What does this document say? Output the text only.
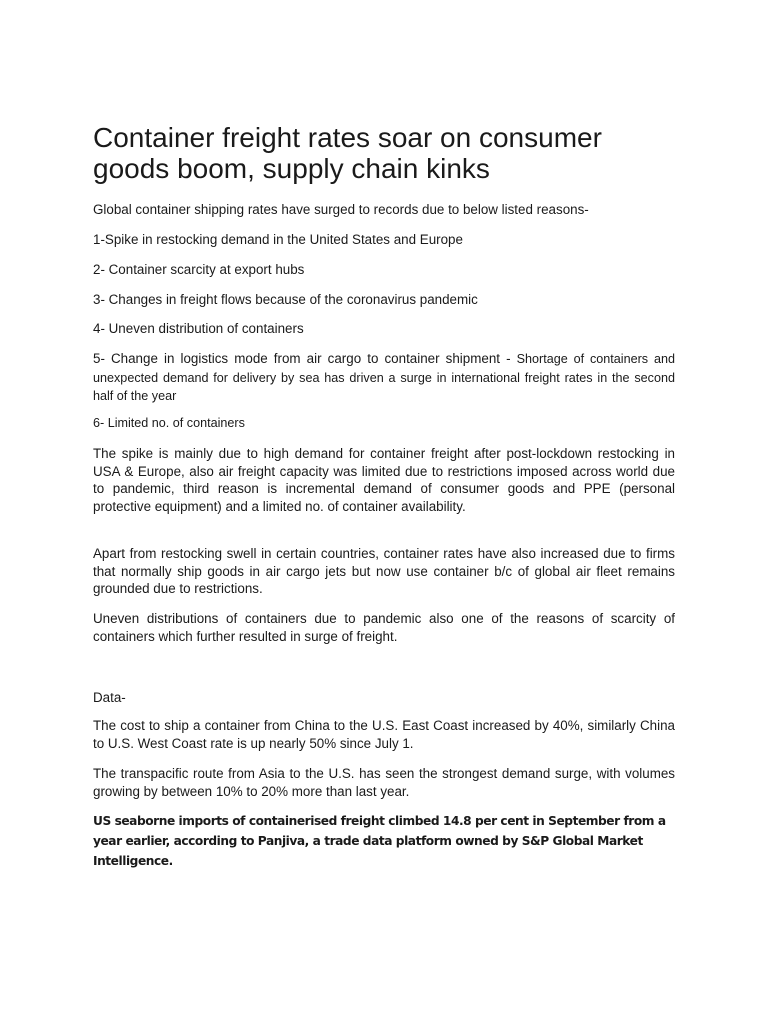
Container freight rates soar on consumer goods boom, supply chain kinks

Global container shipping rates have surged to records due to below listed reasons-

1-Spike in restocking demand in the United States and Europe

2- Container scarcity at export hubs

3- Changes in freight flows because of the coronavirus pandemic

4- Uneven distribution of containers

5- Change in logistics mode from air cargo to container shipment - Shortage of containers and unexpected demand for delivery by sea has driven a surge in international freight rates in the second half of the year

6- Limited no. of containers

The spike is mainly due to high demand for container freight after post-lockdown restocking in USA & Europe, also air freight capacity was limited due to restrictions imposed across world due to pandemic, third reason is incremental demand of consumer goods and PPE (personal protective equipment) and a limited no. of container availability.

Apart from restocking swell in certain countries, container rates have also increased due to firms that normally ship goods in air cargo jets but now use container b/c of global air fleet remains grounded due to restrictions.

Uneven distributions of containers due to pandemic also one of the reasons of scarcity of containers which further resulted in surge of freight.

Data-

The cost to ship a container from China to the U.S. East Coast increased by 40%, similarly China to U.S. West Coast rate is up nearly 50% since July 1.

The transpacific route from Asia to the U.S. has seen the strongest demand surge, with volumes growing by between 10% to 20% more than last year.

US seaborne imports of containerised freight climbed 14.8 per cent in September from a year earlier, according to Panjiva, a trade data platform owned by S&P Global Market Intelligence.
